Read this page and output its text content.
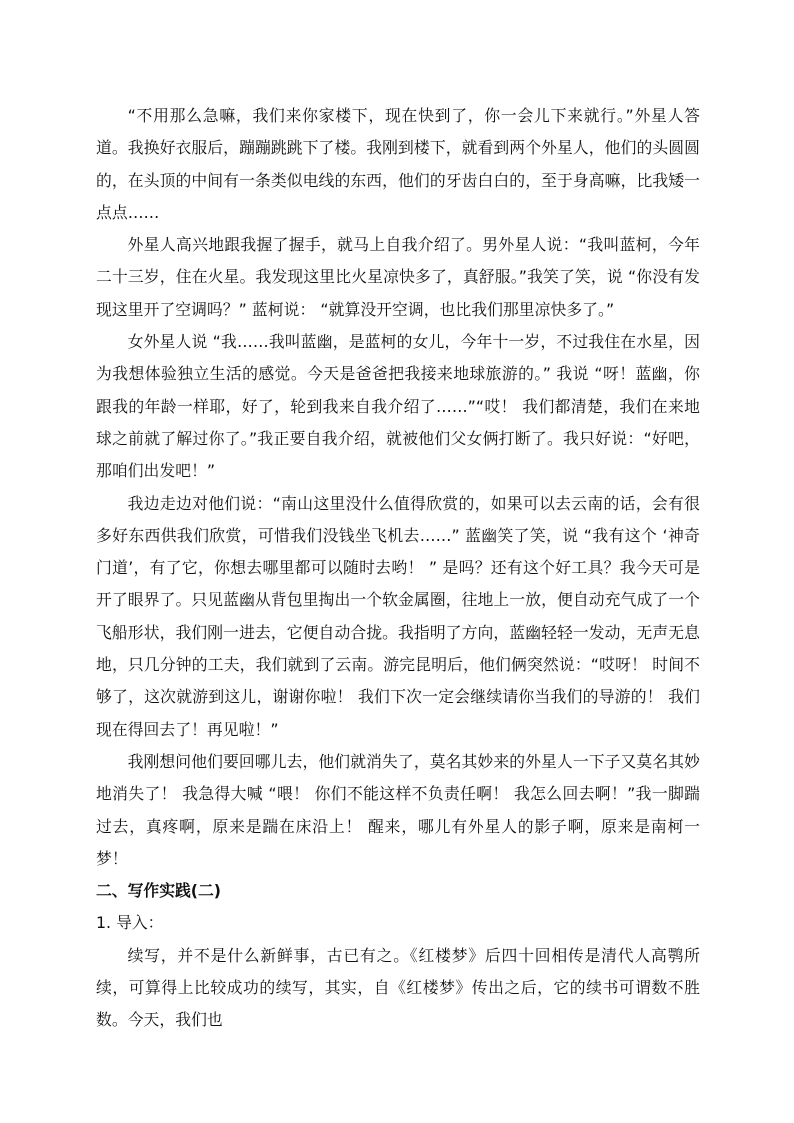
“不用那么急嘛，我们来你家楼下，现在快到了，你一会儿下来就行。”外星人答道。我换好衣服后，蹦蹦跳跳下了楼。我刚到楼下，就看到两个外星人，他们的头圆圆的，在头顶的中间有一条类似电线的东西，他们的牙齿白白的，至于身高嘛，比我矮一点点……

外星人高兴地跟我握了握手，就马上自我介绍了。男外星人说：“我叫蓝柯，今年二十三岁，住在火星。我发现这里比火星凉快多了，真舒服。”我笑了笑，说 “你没有发现这里开了空调吗？” 蓝柯说： “就算没开空调，也比我们那里凉快多了。”

女外星人说 “我……我叫蓝幽，是蓝柯的女儿，今年十一岁，不过我住在水星，因为我想体验独立生活的感觉。今天是爸爸把我接来地球旅游的。” 我说 “呀！蓝幽，你跟我的年龄一样耶，好了，轮到我来自我介绍了……”“哎！ 我们都清楚，我们在来地球之前就了解过你了。”我正要自我介绍，就被他们父女俩打断了。我只好说：“好吧，那咱们出发吧！”

我边走边对他们说：“南山这里没什么值得欣赏的，如果可以去云南的话，会有很多好东西供我们欣赏，可惜我们没钱坐飞机去……” 蓝幽笑了笑，说 “我有这个 ‘神奇门道’，有了它，你想去哪里都可以随时去哟！ ” 是吗？还有这个好工具？我今天可是开了眼界了。只见蓝幽从背包里掏出一个软金属圈，往地上一放，便自动充气成了一个飞船形状，我们刚一进去，它便自动合拢。我指明了方向，蓝幽轻轻一发动，无声无息地，只几分钟的工夫，我们就到了云南。游完昆明后，他们俩突然说：“哎呀！ 时间不够了，这次就游到这儿，谢谢你啦！ 我们下次一定会继续请你当我们的导游的！ 我们现在得回去了！再见啦！”

我刚想问他们要回哪儿去，他们就消失了，莫名其妙来的外星人一下子又莫名其妙地消失了！ 我急得大喊 “喂！ 你们不能这样不负责任啊！ 我怎么回去啊！”我一脚踹过去，真疼啊，原来是踹在床沿上！ 醒来，哪儿有外星人的影子啊，原来是南柯一梦！

二、写作实践(二)

1. 导入：

续写，并不是什么新鲜事，古已有之。《红楼梦》后四十回相传是清代人高鹗所续，可算得上比较成功的续写，其实，自《红楼梦》传出之后，它的续书可谓数不胜数。今天，我们也
